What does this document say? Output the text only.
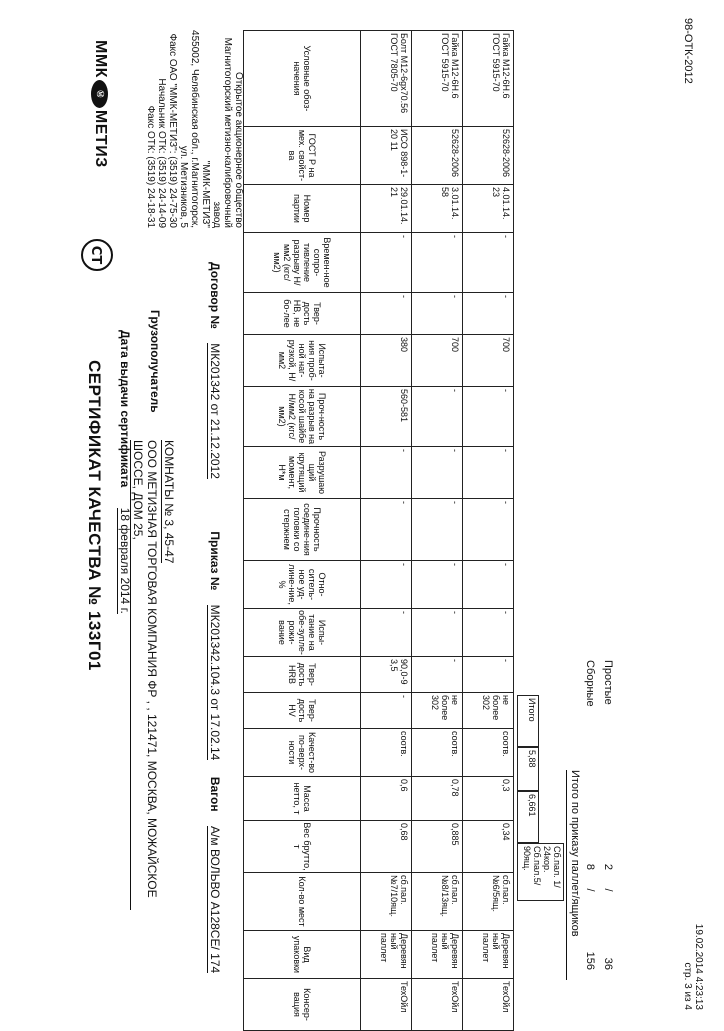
98-ОТК-2012
ММК
Ⓜ
МЕТИЗ
СТ
Открытое акционерное общество
Магнитогорский метизно-калибровочный завод
"ММК-МЕТИЗ"
455002, Челябинская обл., г.Магнитогорск,
ул. Метизников, 5
Факс ОАО "ММК-МЕТИЗ": (3519) 24-75-30
Начальник ОТК: (3519) 24-14-09
Факс ОТК: (3519) 24-18-31
СЕРТИФИКАТ КАЧЕСТВА № 133Г01 Дата выдачи сертификата 18 февраля 2014 г.
Грузополучатель
ООО МЕТИЗНАЯ ТОРГОВАЯ КОМПАНИЯ ФР , , 121471, МОСКВА, МОЖАЙСКОЕ ШОССЕ, ДОМ 25,	КОМНАТЫ № 3, 45-47
Договор № МК201342 от 21.12.2012 Приказ № МК201342.104.3 от 17.02.14 Вагон А/м ВОЛЬВО А128СЕ/ 174
Гайка М12-6Н.6 ГОСТ 5915-70	52628-2006	4.01.14. 23	-	-	700	-	-	-	-	-	-	не более 302	соотв.	0,3	0,34	сб.пал. №6/5ящ.	Деревян ный паллет	ТехОйл
Гайка М12-6Н.6 ГОСТ 5915-70	52628-2006	3.01.14. 58	-	-	700	-	-	-	-	-	-	не более 302	соотв.	0,78	0,885	сб.пал. №8/13ящ.	Деревян ный паллет	ТехОйл
Болт М12-6gх70.56 ГОСТ 7805-70	ИСО 898-1-20 11	29.01.14. 21	-	-	380	560-581	-	-	-	-	90,0-9 3,5	-	соотв.	0,6	0,68	сб.пал. №7/10ящ.	Деревян ный паллет	ТехОйл
Условные обоз-начения	ГОСТ Р на мех. свойст-ва	Номер партии	Времен-ное сопро-тивление разрыву Н/мм2 (кгс/мм2)	Твер-дость НВ, не бо-лее	Испыта-ния проб-ной наг-рузкой, Н/мм2	Проч-ность на разрыв на косой шайбе Н/мм2 (кгс/мм2)	Разрушаю щий крутящий момент, Н*м	Прочность соедине-ния головки со стержнем	Отно-ситель-ное уд-лине-ние, %	Испы-тание на обе-зупле-рожи-вание	Твер-дость HRB	Твер-дость HV	Качест-во по-верх-ности	Масса нетто, т	Вес брутто, т	Кол-во мест	Вид упаковки	Консер-вация
Итого
5,88
6,661
Сб.пал. 1/ 24кор. Сб.пал.5/ 90ящ.	Итого по приказу паллет/ящиков
Сборные
8
/
156
Простые
2
/
36	19.02.2014 4:23:13
стр. 3 из 4
